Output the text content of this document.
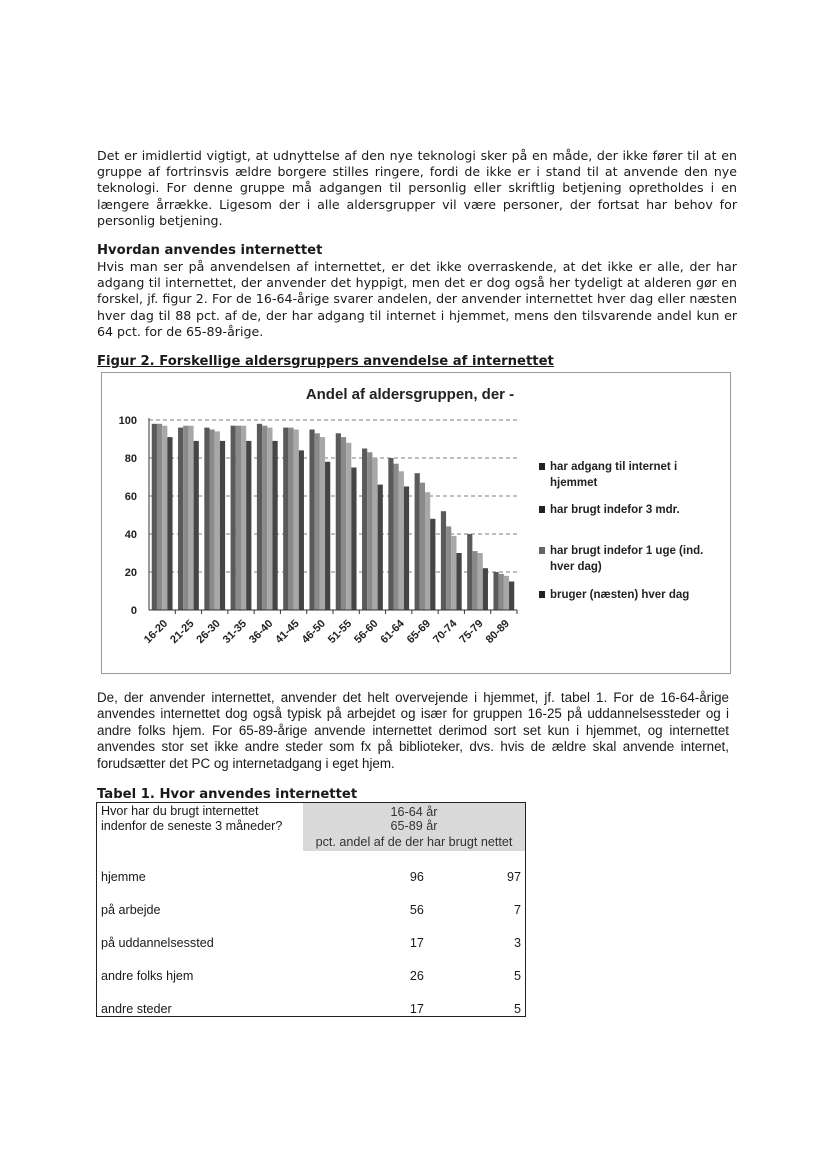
Det er imidlertid vigtigt, at udnyttelse af den nye teknologi sker på en måde, der ikke fører til at en gruppe af fortrinsvis ældre borgere stilles ringere, fordi de ikke er i stand til at anvende den nye teknologi. For denne gruppe må adgangen til personlig eller skriftlig betjening opretholdes i en længere årrække. Ligesom der i alle aldersgrupper vil være personer, der fortsat har behov for personlig betjening.
Hvordan anvendes internettet
Hvis man ser på anvendelsen af internettet, er det ikke overraskende, at det ikke er alle, der har adgang til internettet, der anvender det hyppigt, men det er dog også her tydeligt at alderen gør en forskel, jf. figur 2. For de 16-64-årige svarer andelen, der anvender internettet hver dag eller næsten hver dag til 88 pct. af de, der har adgang til internet i hjemmet, mens den tilsvarende andel kun er 64 pct. for de 65-89-årige.
Figur 2. Forskellige aldersgruppers anvendelse af internettet
Andel af aldersgruppen, der -
0
20
40
60
80
100
16-20
21-25
26-30
31-35
36-40
41-45
46-50
51-55
56-60
61-64
65-69
70-74
75-79
80-89
har adgang til internet i
hjemmet
har brugt indefor 3 mdr.
har brugt indefor 1 uge (ind.
hver dag)
bruger (næsten) hver dag
De, der anvender internettet, anvender det helt overvejende i hjemmet, jf. tabel 1. For de 16-64-årige anvendes internettet dog også typisk på arbejdet og især for gruppen 16-25 på uddannelsessteder og i andre folks hjem. For 65-89-årige anvende internettet derimod sort set kun i hjemmet, og internettet anvendes stor set ikke andre steder som fx på biblioteker, dvs. hvis de ældre skal anvende internet, forudsætter det PC og internetadgang i eget hjem.
Tabel 1. Hvor anvendes internettet
Hvor har du brugt internettet
indenfor de seneste 3 måneder?	16-64 år 65-89 år	
	pct. andel af de der har brugt nettet	
hjemme	96	97
på arbejde	56	7
på uddannelsessted	17	3
andre folks hjem	26	5
andre steder	17	5
